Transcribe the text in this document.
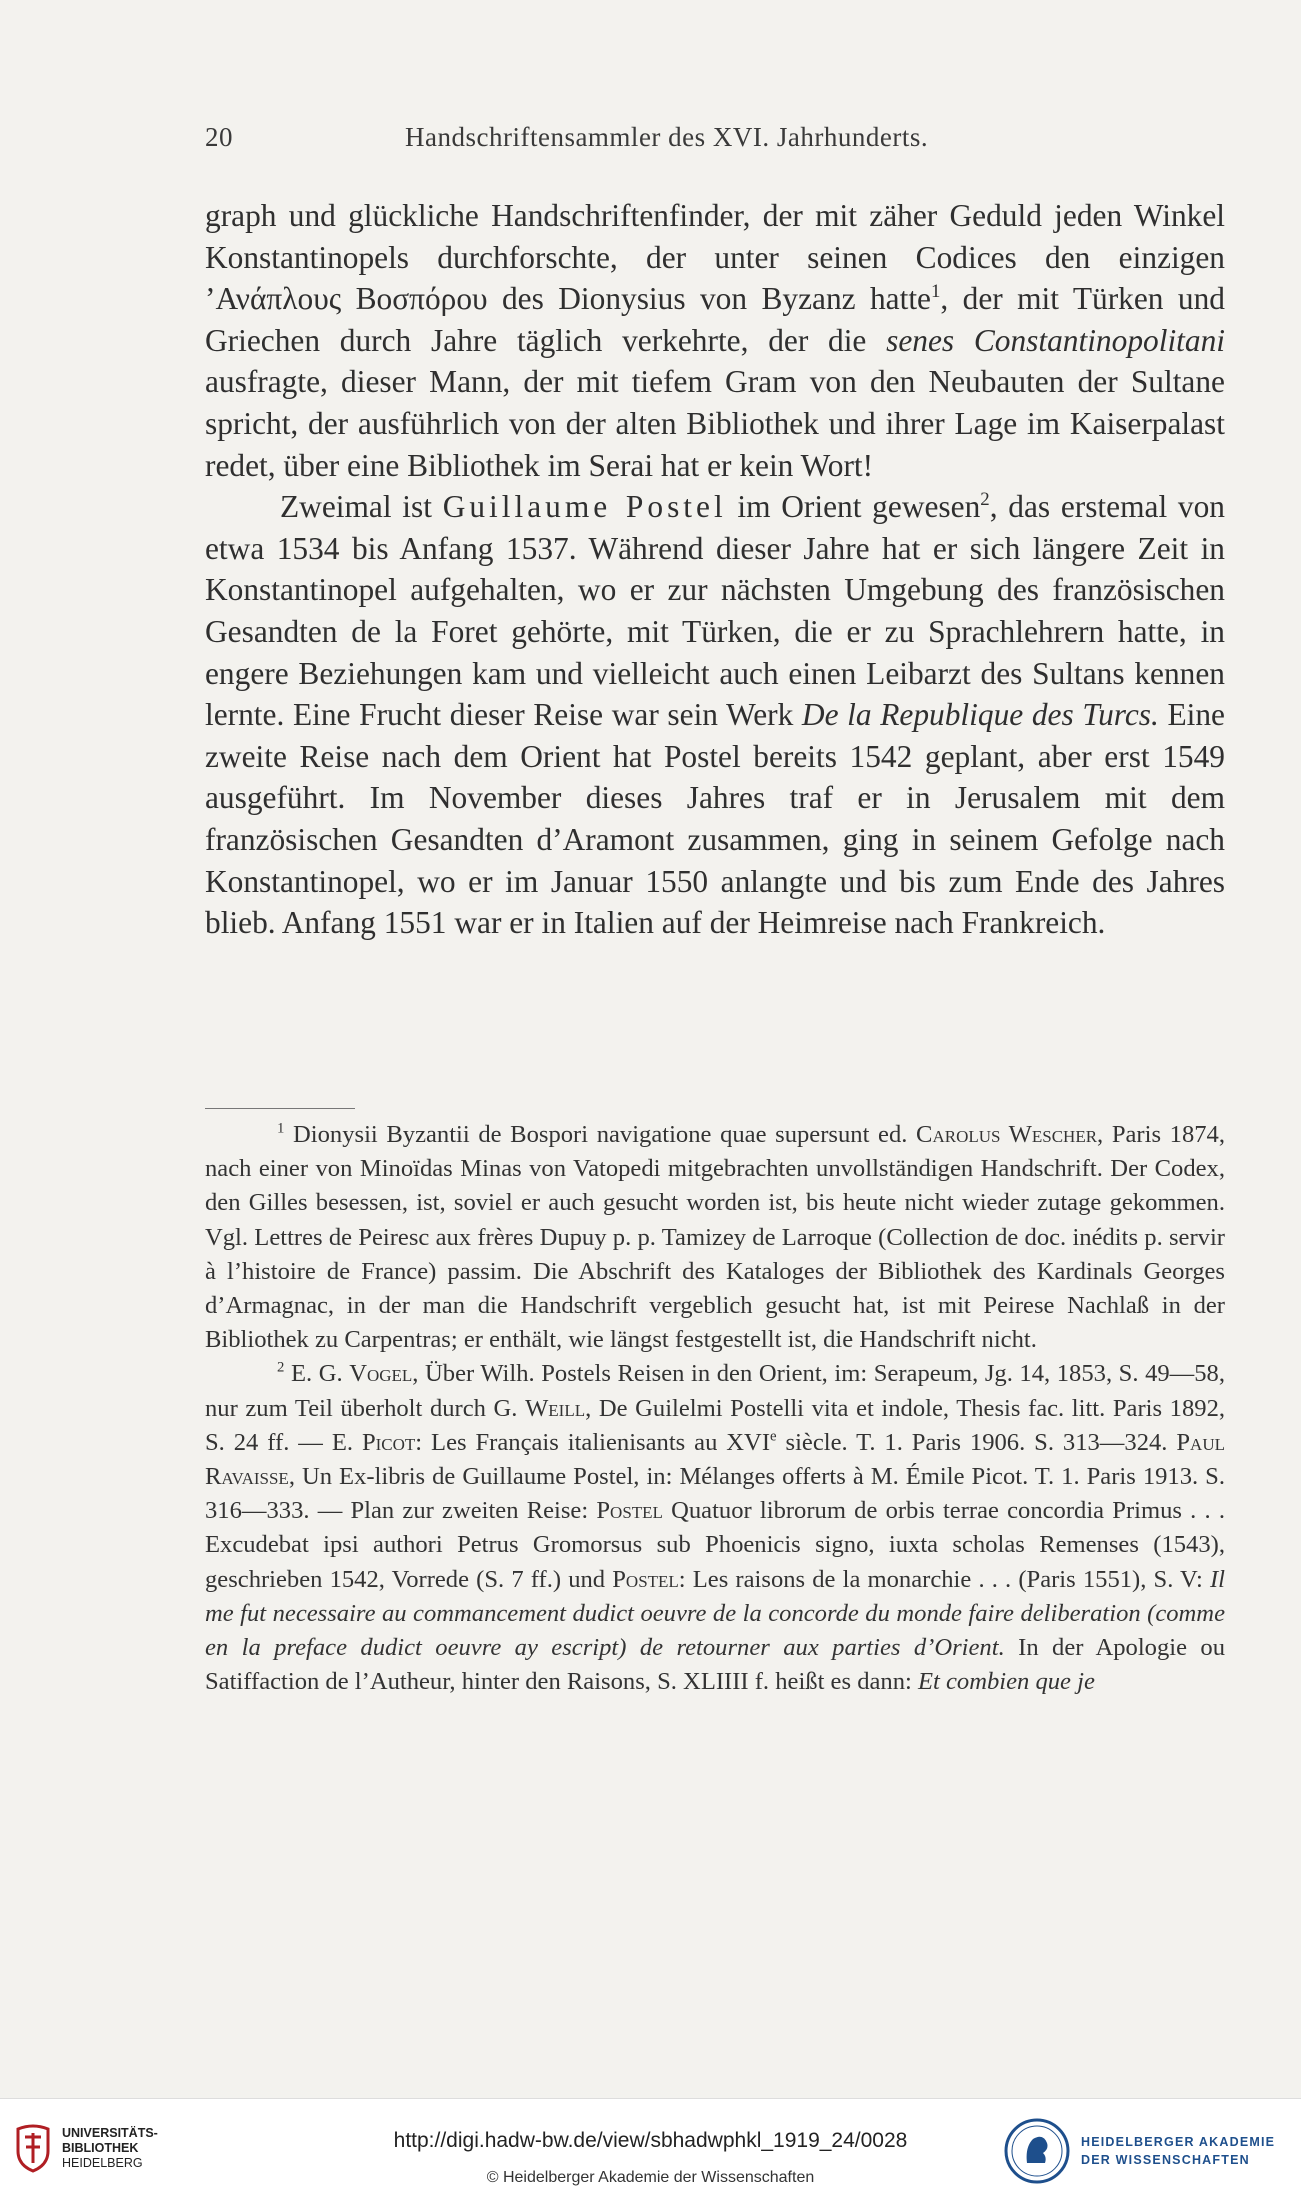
20	Handschriftensammler des XVI. Jahrhunderts.

graph und glückliche Handschriftenfinder, der mit zäher Geduld jeden Winkel Konstantinopels durchforschte, der unter seinen Codices den einzigen ’Ανάπλους Βοσπόρου des Dionysius von Byzanz hatte$^1$, der mit Türken und Griechen durch Jahre täglich verkehrte, der die senes Constantinopolitani ausfragte, dieser Mann, der mit tiefem Gram von den Neubauten der Sultane spricht, der ausführlich von der alten Bibliothek und ihrer Lage im Kaiserpalast redet, über eine Bibliothek im Serai hat er kein Wort!

Zweimal ist Guillaume Postel im Orient gewesen$^2$, das erstemal von etwa 1534 bis Anfang 1537. Während dieser Jahre hat er sich längere Zeit in Konstantinopel aufgehalten, wo er zur nächsten Umgebung des französischen Gesandten de la Foret gehörte, mit Türken, die er zu Sprachlehrern hatte, in engere Beziehungen kam und vielleicht auch einen Leibarzt des Sultans kennen lernte. Eine Frucht dieser Reise war sein Werk De la Republique des Turcs. Eine zweite Reise nach dem Orient hat Postel bereits 1542 geplant, aber erst 1549 ausgeführt. Im November dieses Jahres traf er in Jerusalem mit dem französischen Gesandten d’Aramont zusammen, ging in seinem Gefolge nach Konstantinopel, wo er im Januar 1550 anlangte und bis zum Ende des Jahres blieb. Anfang 1551 war er in Italien auf der Heimreise nach Frankreich.

$^1$ Dionysii Byzantii de Bospori navigatione quae supersunt ed. Carolus Wescher, Paris 1874, nach einer von Minoïdas Minas von Vatopedi mitgebrachten unvollständigen Handschrift. Der Codex, den Gilles besessen, ist, soviel er auch gesucht worden ist, bis heute nicht wieder zutage gekommen. Vgl. Lettres de Peiresc aux frères Dupuy p. p. Tamizey de Larroque (Collection de doc. inédits p. servir à l’histoire de France) passim. Die Abschrift des Kataloges der Bibliothek des Kardinals Georges d’Armagnac, in der man die Handschrift vergeblich gesucht hat, ist mit Peirese Nachlaß in der Bibliothek zu Carpentras; er enthält, wie längst festgestellt ist, die Handschrift nicht.

$^2$ E. G. Vogel, Über Wilh. Postels Reisen in den Orient, im: Serapeum, Jg. 14, 1853, S. 49—58, nur zum Teil überholt durch G. Weill, De Guilelmi Postelli vita et indole, Thesis fac. litt. Paris 1892, S. 24 ff. — E. Picot: Les Français italienisants au XVIe siècle. T. 1. Paris 1906. S. 313—324. Paul Ravaisse, Un Ex-libris de Guillaume Postel, in: Mélanges offerts à M. Émile Picot. T. 1. Paris 1913. S. 316—333. — Plan zur zweiten Reise: Postel Quatuor librorum de orbis terrae concordia Primus . . . Excudebat ipsi authori Petrus Gromorsus sub Phoenicis signo, iuxta scholas Remenses (1543), geschrieben 1542, Vorrede (S. 7 ff.) und Postel: Les raisons de la monarchie . . . (Paris 1551), S. V: Il me fut necessaire au commancement dudict oeuvre de la concorde du monde faire deliberation (comme en la preface dudict oeuvre ay escript) de retourner aux parties d’Orient. In der Apologie ou Satiffaction de l’Autheur, hinter den Raisons, S. XLIIII f. heißt es dann: Et combien que je

UNIVERSITÄTS-
BIBLIOTHEK
HEIDELBERG
http://digi.hadw-bw.de/view/sbhadwphkl_1919_24/0028
© Heidelberger Akademie der Wissenschaften
HEIDELBERGER AKADEMIE
DER WISSENSCHAFTEN
